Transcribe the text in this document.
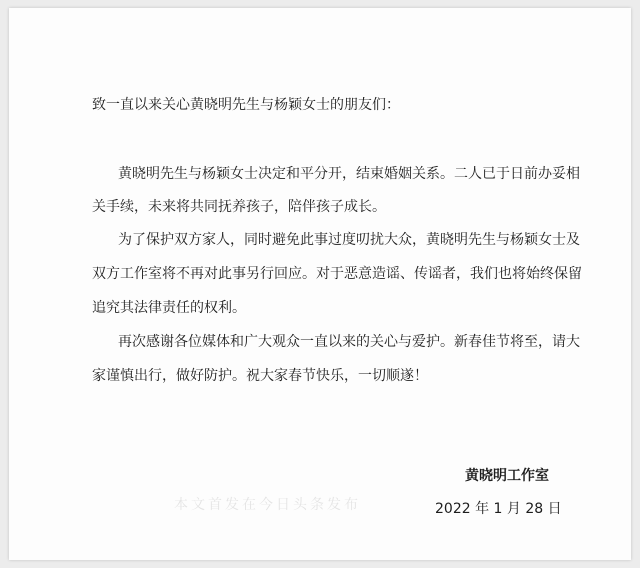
致一直以来关心黄晓明先生与杨颖女士的朋友们：
黄晓明先生与杨颖女士决定和平分开，结束婚姻关系。二人已于日前办妥相
关手续，未来将共同抚养孩子，陪伴孩子成长。
为了保护双方家人，同时避免此事过度叨扰大众，黄晓明先生与杨颖女士及
双方工作室将不再对此事另行回应。对于恶意造谣、传谣者，我们也将始终保留
追究其法律责任的权利。
再次感谢各位媒体和广大观众一直以来的关心与爱护。新春佳节将至，请大
家谨慎出行，做好防护。祝大家春节快乐，一切顺遂！
黄晓明工作室
本文首发在今日头条发布	2022 年 1 月 28 日
